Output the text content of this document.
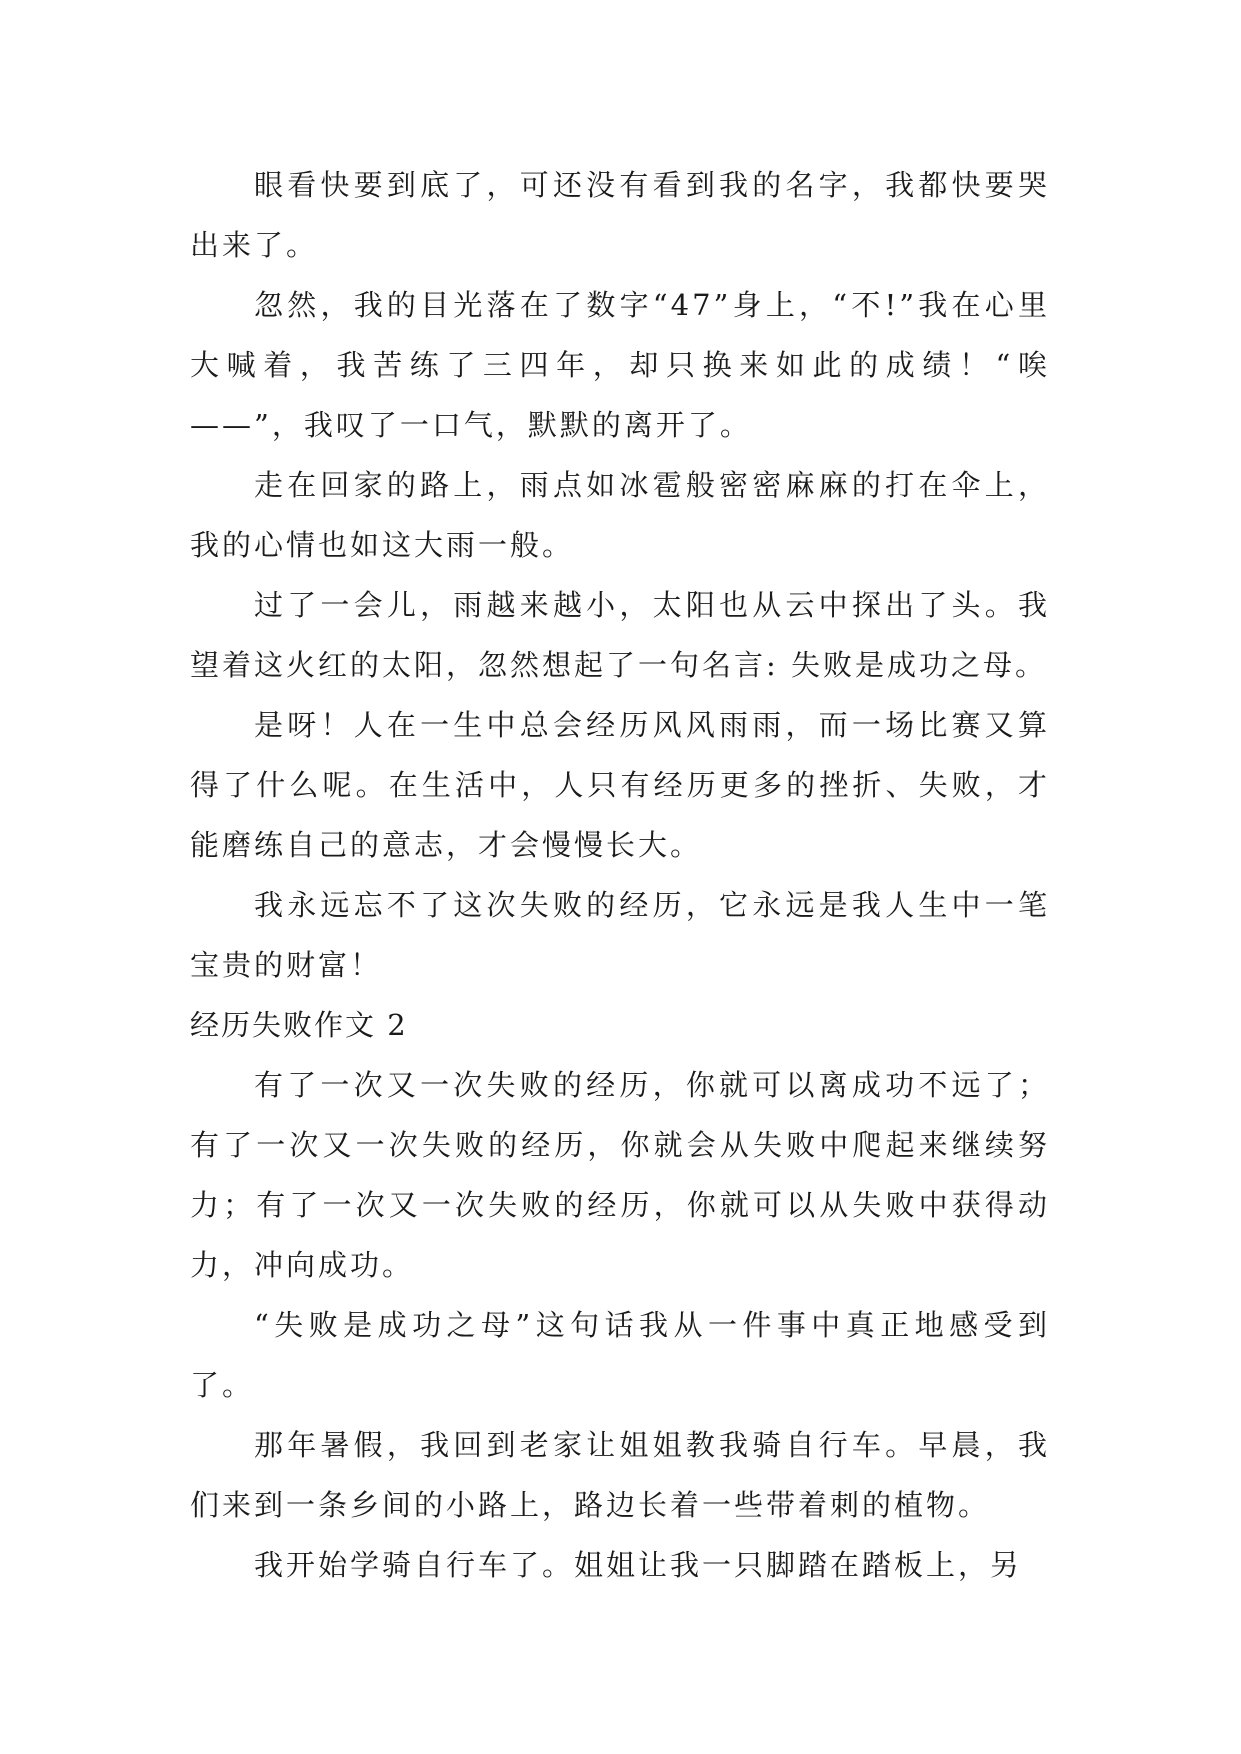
眼看快要到底了，可还没有看到我的名字，我都快要哭出来了。

忽然，我的目光落在了数字“47”身上，“不!”我在心里大喊着，我苦练了三四年，却只换来如此的成绩！“唉——”，我叹了一口气，默默的离开了。

走在回家的路上，雨点如冰雹般密密麻麻的打在伞上，我的心情也如这大雨一般。

过了一会儿，雨越来越小，太阳也从云中探出了头。我望着这火红的太阳，忽然想起了一句名言: 失败是成功之母。

是呀！人在一生中总会经历风风雨雨，而一场比赛又算得了什么呢。在生活中，人只有经历更多的挫折、失败，才能磨练自己的意志，才会慢慢长大。

我永远忘不了这次失败的经历，它永远是我人生中一笔宝贵的财富！

经历失败作文 2

有了一次又一次失败的经历，你就可以离成功不远了；有了一次又一次失败的经历，你就会从失败中爬起来继续努力；有了一次又一次失败的经历，你就可以从失败中获得动力，冲向成功。

“失败是成功之母”这句话我从一件事中真正地感受到了。

那年暑假，我回到老家让姐姐教我骑自行车。早晨，我们来到一条乡间的小路上，路边长着一些带着刺的植物。

我开始学骑自行车了。姐姐让我一只脚踏在踏板上，另
